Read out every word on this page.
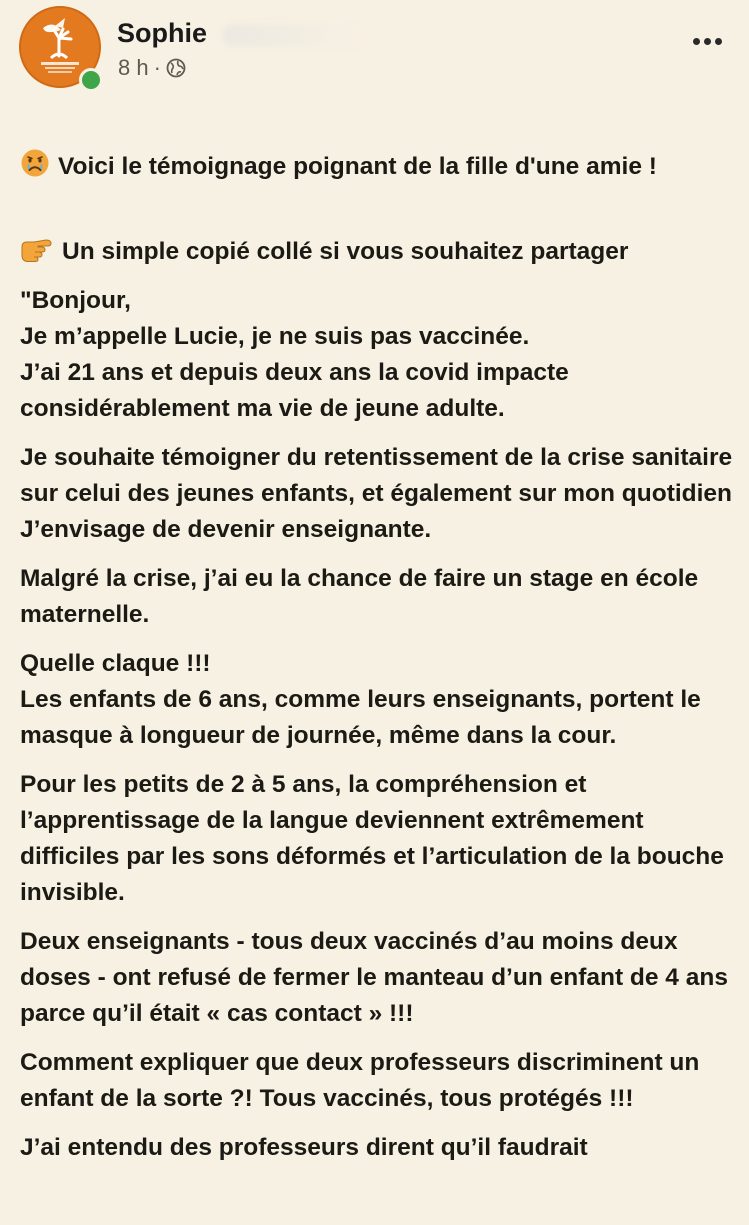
Sophie
8 h ·

Voici le témoignage poignant de la fille d'une amie !

Un simple copié collé si vous souhaitez partager

"Bonjour,
Je m’appelle Lucie, je ne suis pas vaccinée.
J’ai 21 ans et depuis deux ans la covid impacte considérablement ma vie de jeune adulte.
Je souhaite témoigner du retentissement de la crise sanitaire sur celui des jeunes enfants, et également sur mon quotidien
J’envisage de devenir enseignante.
Malgré la crise, j’ai eu la chance de faire un stage en école maternelle.
Quelle claque !!!
Les enfants de 6 ans, comme leurs enseignants, portent le masque à longueur de journée, même dans la cour.
Pour les petits de 2 à 5 ans, la compréhension et l’apprentissage de la langue deviennent extrêmement difficiles par les sons déformés et l’articulation de la bouche invisible.
Deux enseignants - tous deux vaccinés d’au moins deux doses - ont refusé de fermer le manteau d’un enfant de 4 ans parce qu’il était « cas contact » !!!
Comment expliquer que deux professeurs discriminent un enfant de la sorte ?! Tous vaccinés, tous protégés !!!
J’ai entendu des professeurs dirent qu’il faudrait
